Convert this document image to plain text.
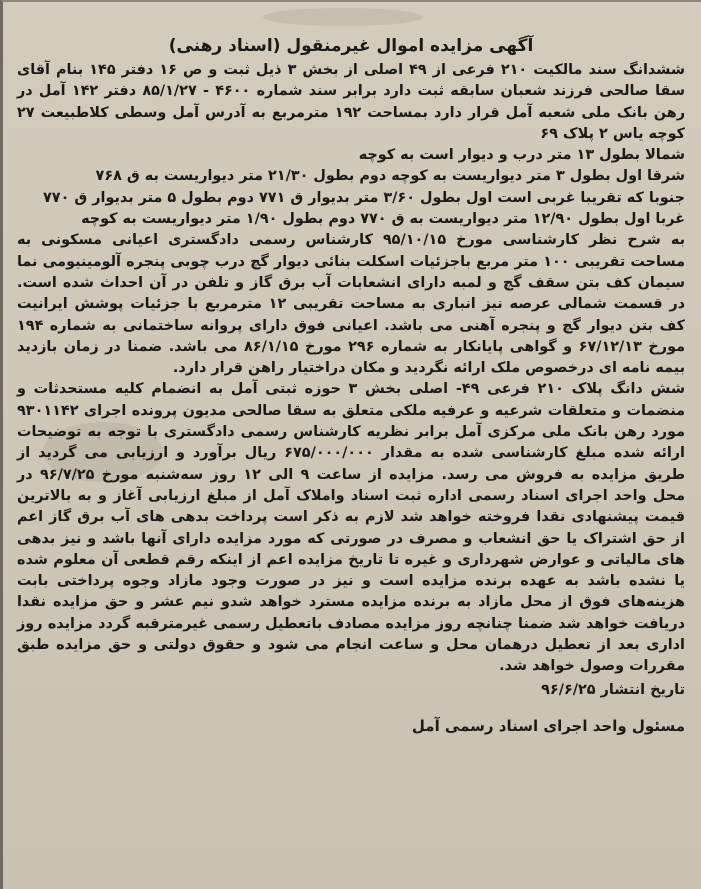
آگهی مزایده اموال غیرمنقول (اسناد رهنی)

ششدانگ سند مالکیت ۲۱۰ فرعی از ۴۹ اصلی از بخش ۳ ذیل ثبت و ص ۱۶ دفتر ۱۴۵ بنام آقای سقا صالحی فرزند شعبان سابقه ثبت دارد برابر سند شماره ۴۶۰۰ - ۸۵/۱/۲۷ دفتر ۱۴۲ آمل در رهن بانک ملی شعبه آمل قرار دارد بمساحت ۱۹۲ مترمربع به آدرس آمل وسطی کلاطبیعت ۲۷ کوچه یاس ۲ پلاک ۶۹

شمالا بطول ۱۳ متر درب و دیوار است به کوچه

شرقا اول بطول ۳ متر دیواریست به کوچه دوم بطول ۲۱/۳۰ متر دیواریست به ق ۷۶۸

جنوبا که تقریبا غربی است اول بطول ۳/۶۰ متر بدیوار ق ۷۷۱ دوم بطول ۵ متر بدیوار ق ۷۷۰

غربا اول بطول ۱۲/۹۰ متر دیواریست به ق ۷۷۰ دوم بطول ۱/۹۰ متر دیواریست به کوچه

به شرح نظر کارشناسی مورخ ۹۵/۱۰/۱۵ کارشناس رسمی دادگستری اعیانی مسکونی به مساحت تقریبی ۱۰۰ متر مربع باجزئیات اسکلت بنائی دیوار گچ درب چوبی پنجره آلومینیومی نما سیمان کف بتن سقف گچ و لمبه دارای انشعابات آب برق گاز و تلفن در آن احداث شده است. در قسمت شمالی عرصه نیز انباری به مساحت تقریبی ۱۲ مترمربع با جزئیات پوشش ایرانیت کف بتن دیوار گچ و پنجره آهنی می باشد. اعیانی فوق دارای پروانه ساختمانی به شماره ۱۹۴ مورخ ۶۷/۱۲/۱۳ و گواهی پایانکار به شماره ۲۹۶ مورخ ۸۶/۱/۱۵ می باشد. ضمنا در زمان بازدید بیمه نامه ای درخصوص ملک ارائه نگردید و مکان دراختیار راهن قرار دارد.

شش دانگ پلاک ۲۱۰ فرعی ۴۹- اصلی بخش ۳ حوزه ثبتی آمل به انضمام کلیه مستحدثات و منضمات و متعلقات شرعیه و عرفیه ملکی متعلق به سقا صالحی مدیون پرونده اجرای ۹۳۰۱۱۴۲ مورد رهن بانک ملی مرکزی آمل برابر نظریه کارشناس رسمی دادگستری با توجه به توضیحات ارائه شده مبلغ کارشناسی شده به مقدار ۶۷۵/۰۰۰/۰۰۰ ریال برآورد و ارزیابی می گردید از طریق مزایده به فروش می رسد. مزایده از ساعت ۹ الی ۱۲ روز سه‌شنبه مورخ ۹۶/۷/۲۵ در محل واحد اجرای اسناد رسمی اداره ثبت اسناد واملاک آمل از مبلغ ارزیابی آغاز و به بالاترین قیمت پیشنهادی نقدا فروخته خواهد شد لازم به ذکر است پرداخت بدهی های آب برق گاز اعم از حق اشتراک یا حق انشعاب و مصرف در صورتی که مورد مزایده دارای آنها باشد و نیز بدهی های مالیاتی و عوارض شهرداری و غیره تا تاریخ مزایده اعم از اینکه رقم قطعی آن معلوم شده یا نشده باشد به عهده برنده مزایده است و نیز در صورت وجود مازاد وجوه پرداختی بابت هزینه‌های فوق از محل مازاد به برنده مزایده مسترد خواهد شدو نیم عشر و حق مزایده نقدا دریافت خواهد شد ضمنا چنانچه روز مزایده مصادف باتعطیل رسمی غیرمترقبه گردد مزایده روز اداری بعد از تعطیل درهمان محل و ساعت انجام می شود و حقوق دولتی و حق مزایده طبق مقررات وصول خواهد شد.

تاریخ انتشار ۹۶/۶/۲۵

مسئول واحد اجرای اسناد رسمی آمل
